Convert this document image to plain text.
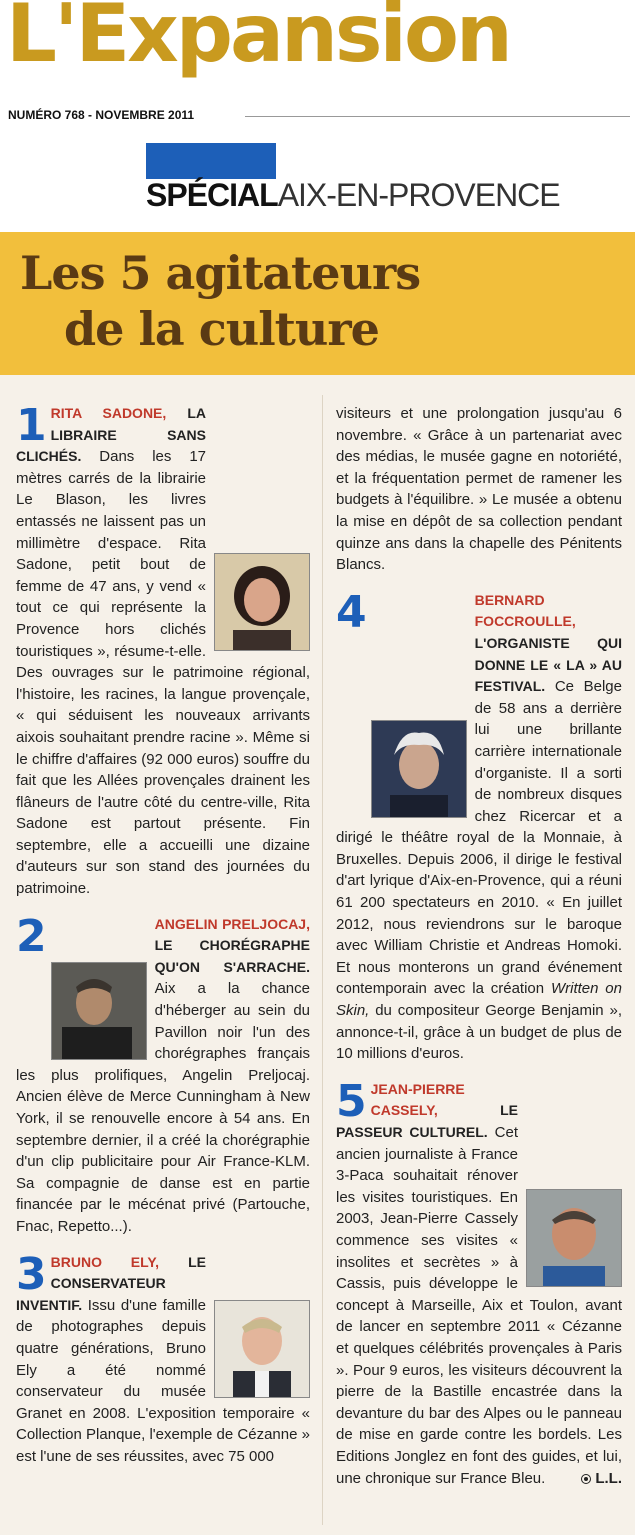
L'Expansion
NUMÉRO 768 - NOVEMBRE 2011
SPÉCIALAIX-EN-PROVENCE
Les 5 agitateurs
de la culture

1 RITA SADONE, LA LIBRAIRE SANS CLICHÉS. Dans les 17 mètres carrés de la librairie Le Blason, les livres entassés ne laissent pas un millimètre d'espace. Rita Sadone, petit bout de femme de 47 ans, y vend « tout ce qui représente la Provence hors clichés touristiques », résume-t-elle. Des ouvrages sur le patrimoine régional, l'histoire, les racines, la langue provençale, « qui séduisent les nouveaux arrivants aixois souhaitant prendre racine ». Même si le chiffre d'affaires (92 000 euros) souffre du fait que les Allées provençales drainent les flâneurs de l'autre côté du centre-ville, Rita Sadone est partout présente. Fin septembre, elle a accueilli une dizaine d'auteurs sur son stand des journées du patrimoine.

2	ANGELIN PRELJOCAJ, LE CHORÉGRAPHE QU'ON S'ARRACHE. Aix a la chance d'héberger au sein du Pavillon noir l'un des chorégraphes français les plus prolifiques, Angelin Preljocaj. Ancien élève de Merce Cunningham à New York, il se renouvelle encore à 54 ans. En septembre dernier, il a créé la chorégraphie d'un clip publicitaire pour Air France-KLM. Sa compagnie de danse est en partie financée par le mécénat privé (Partouche, Fnac, Repetto...).

3 BRUNO ELY, LE CONSERVATEUR INVENTIF. Issu d'une famille de photographes depuis quatre générations, Bruno Ely a été nommé conservateur du musée Granet en 2008. L'exposition temporaire « Collection Planque, l'exemple de Cézanne » est l'une de ses réussites, avec 75 000

visiteurs et une prolongation jusqu'au 6 novembre. « Grâce à un partenariat avec des médias, le musée gagne en notoriété, et la fréquentation permet de ramener les budgets à l'équilibre. » Le musée a obtenu la mise en dépôt de sa collection pendant quinze ans dans la chapelle des Pénitents Blancs.

4	BERNARD FOCCROULLE, L'ORGANISTE QUI DONNE LE « LA » AU FESTIVAL. Ce Belge de 58 ans a derrière lui une brillante carrière internationale d'organiste. Il a sorti de nombreux disques chez Ricercar et a dirigé le théâtre royal de la Monnaie, à Bruxelles. Depuis 2006, il dirige le festival d'art lyrique d'Aix-en-Provence, qui a réuni 61 200 spectateurs en 2010. « En juillet 2012, nous reviendrons sur le baroque avec William Christie et Andreas Homoki. Et nous monterons un grand événement contemporain avec la création Written on Skin, du compositeur George Benjamin », annonce-t-il, grâce à un budget de plus de 10 millions d'euros.

5 JEAN-PIERRE CASSELY,	LE PASSEUR CULTUREL. Cet ancien journaliste à France 3-Paca souhaitait rénover les visites touristiques. En 2003, Jean-Pierre Cassely commence ses visites « insolites et secrètes » à Cassis, puis développe le concept à Marseille, Aix et Toulon, avant de lancer en septembre 2011 « Cézanne et quelques célébrités provençales à Paris ». Pour 9 euros, les visiteurs découvrent la pierre de la Bastille encastrée dans la devanture du bar des Alpes ou le panneau de mise en garde contre les bordels. Les Editions Jonglez en font des guides, et lui, une chronique sur France Bleu.	L.L.
